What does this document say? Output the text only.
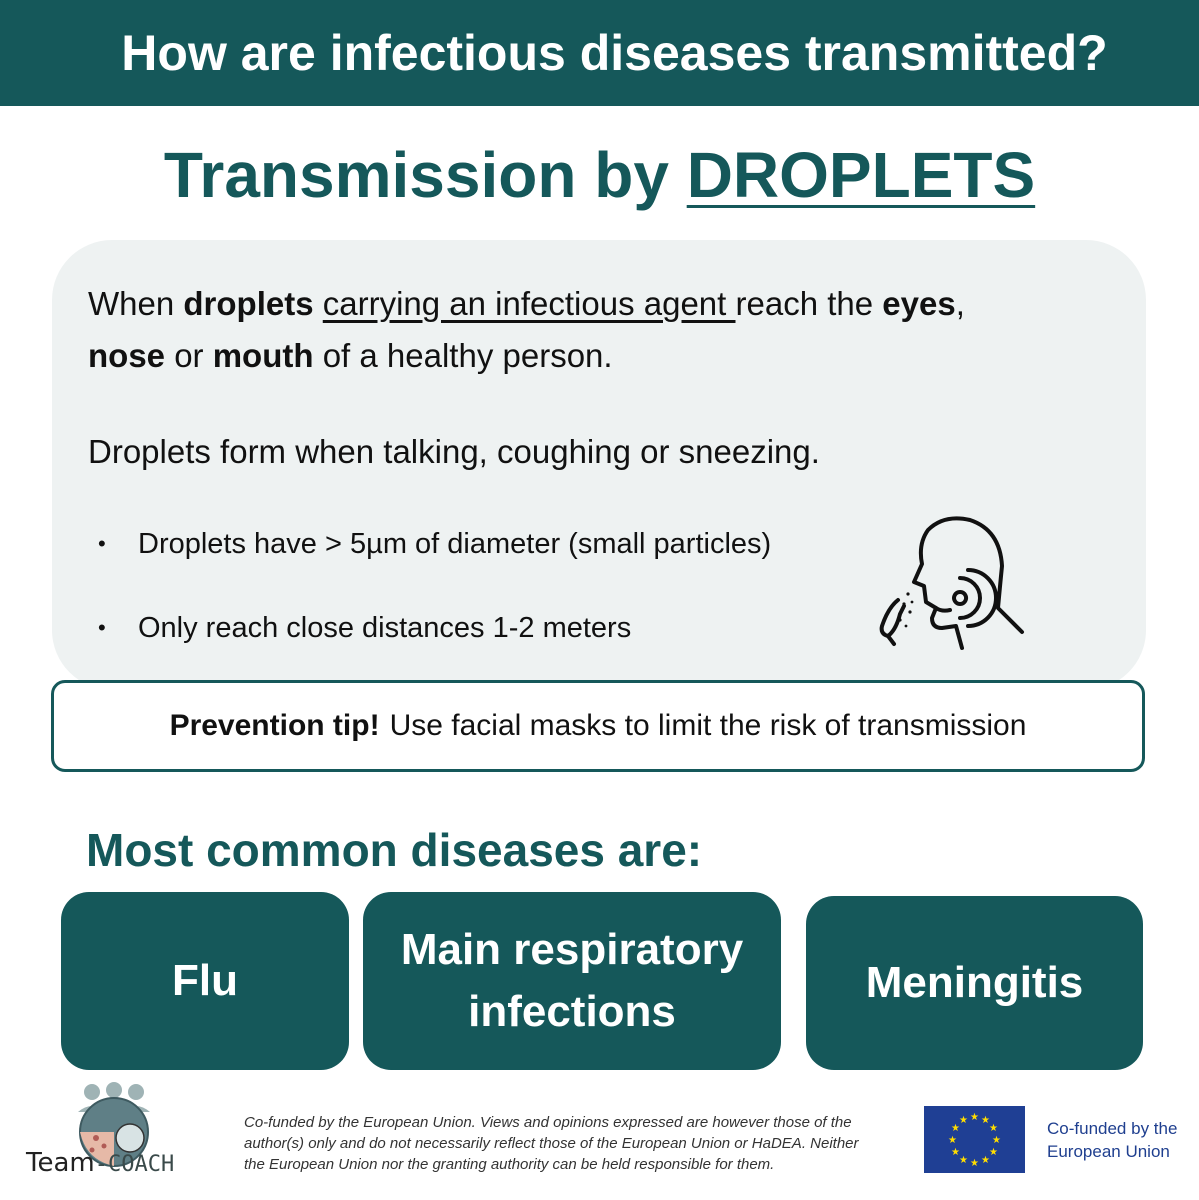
How are infectious diseases transmitted?
Transmission by DROPLETS
When droplets carrying an infectious agent reach the eyes,
nose or mouth of a healthy person.
Droplets form when talking, coughing or sneezing.
•	Droplets have > 5µm of diameter (small particles)
•	Only reach close distances 1-2 meters
Prevention tip! Use facial masks to limit the risk of transmission
Most common diseases are:
Flu
Main respiratory
infections
Meningitis
Team-COACH
Co-funded by the European Union. Views and opinions expressed are however those of the
author(s) only and do not necessarily reflect those of the European Union or HaDEA. Neither
the European Union nor the granting authority can be held responsible for them.
★ ★
★
★
★
★
★
★
★
★
★
★	Co-funded by the
European Union
